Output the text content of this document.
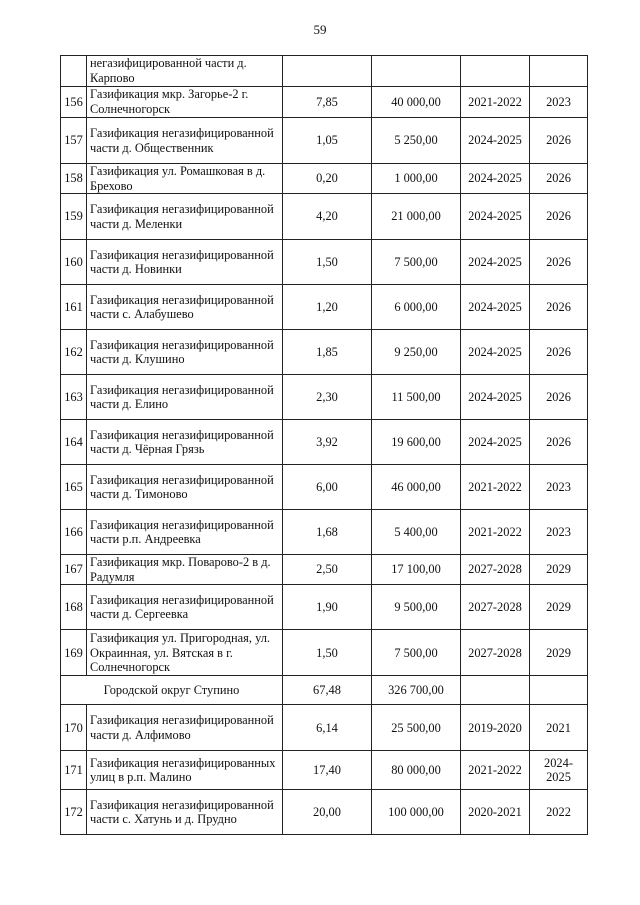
59
	негазифицированной части д. Карпово				
156	Газификация мкр. Загорье-2 г. Солнечногорск	7,85	40 000,00	2021-2022	2023
157	Газификация негазифицированной части д. Общественник	1,05	5 250,00	2024-2025	2026
158	Газификация ул. Ромашковая в д. Брехово	0,20	1 000,00	2024-2025	2026
159	Газификация негазифицированной части д. Меленки	4,20	21 000,00	2024-2025	2026
160	Газификация негазифицированной части д. Новинки	1,50	7 500,00	2024-2025	2026
161	Газификация негазифицированной части с. Алабушево	1,20	6 000,00	2024-2025	2026
162	Газификация негазифицированной части д. Клушино	1,85	9 250,00	2024-2025	2026
163	Газификация негазифицированной части д. Елино	2,30	11 500,00	2024-2025	2026
164	Газификация негазифицированной части д. Чёрная Грязь	3,92	19 600,00	2024-2025	2026
165	Газификация негазифицированной части д. Тимоново	6,00	46 000,00	2021-2022	2023
166	Газификация негазифицированной части р.п. Андреевка	1,68	5 400,00	2021-2022	2023
167	Газификация мкр. Поварово-2 в д. Радумля	2,50	17 100,00	2027-2028	2029
168	Газификация негазифицированной части д. Сергеевка	1,90	9 500,00	2027-2028	2029
169	Газификация ул. Пригородная, ул. Окраинная, ул. Вятская в г. Солнечногорск	1,50	7 500,00	2027-2028	2029
Городской округ Ступино		67,48	326 700,00		
170	Газификация негазифицированной части д. Алфимово	6,14	25 500,00	2019-2020	2021
171	Газификация негазифицированных улиц в р.п. Малино	17,40	80 000,00	2021-2022	2024-2025
172	Газификация негазифицированной части с. Хатунь и д. Прудно	20,00	100 000,00	2020-2021	2022
